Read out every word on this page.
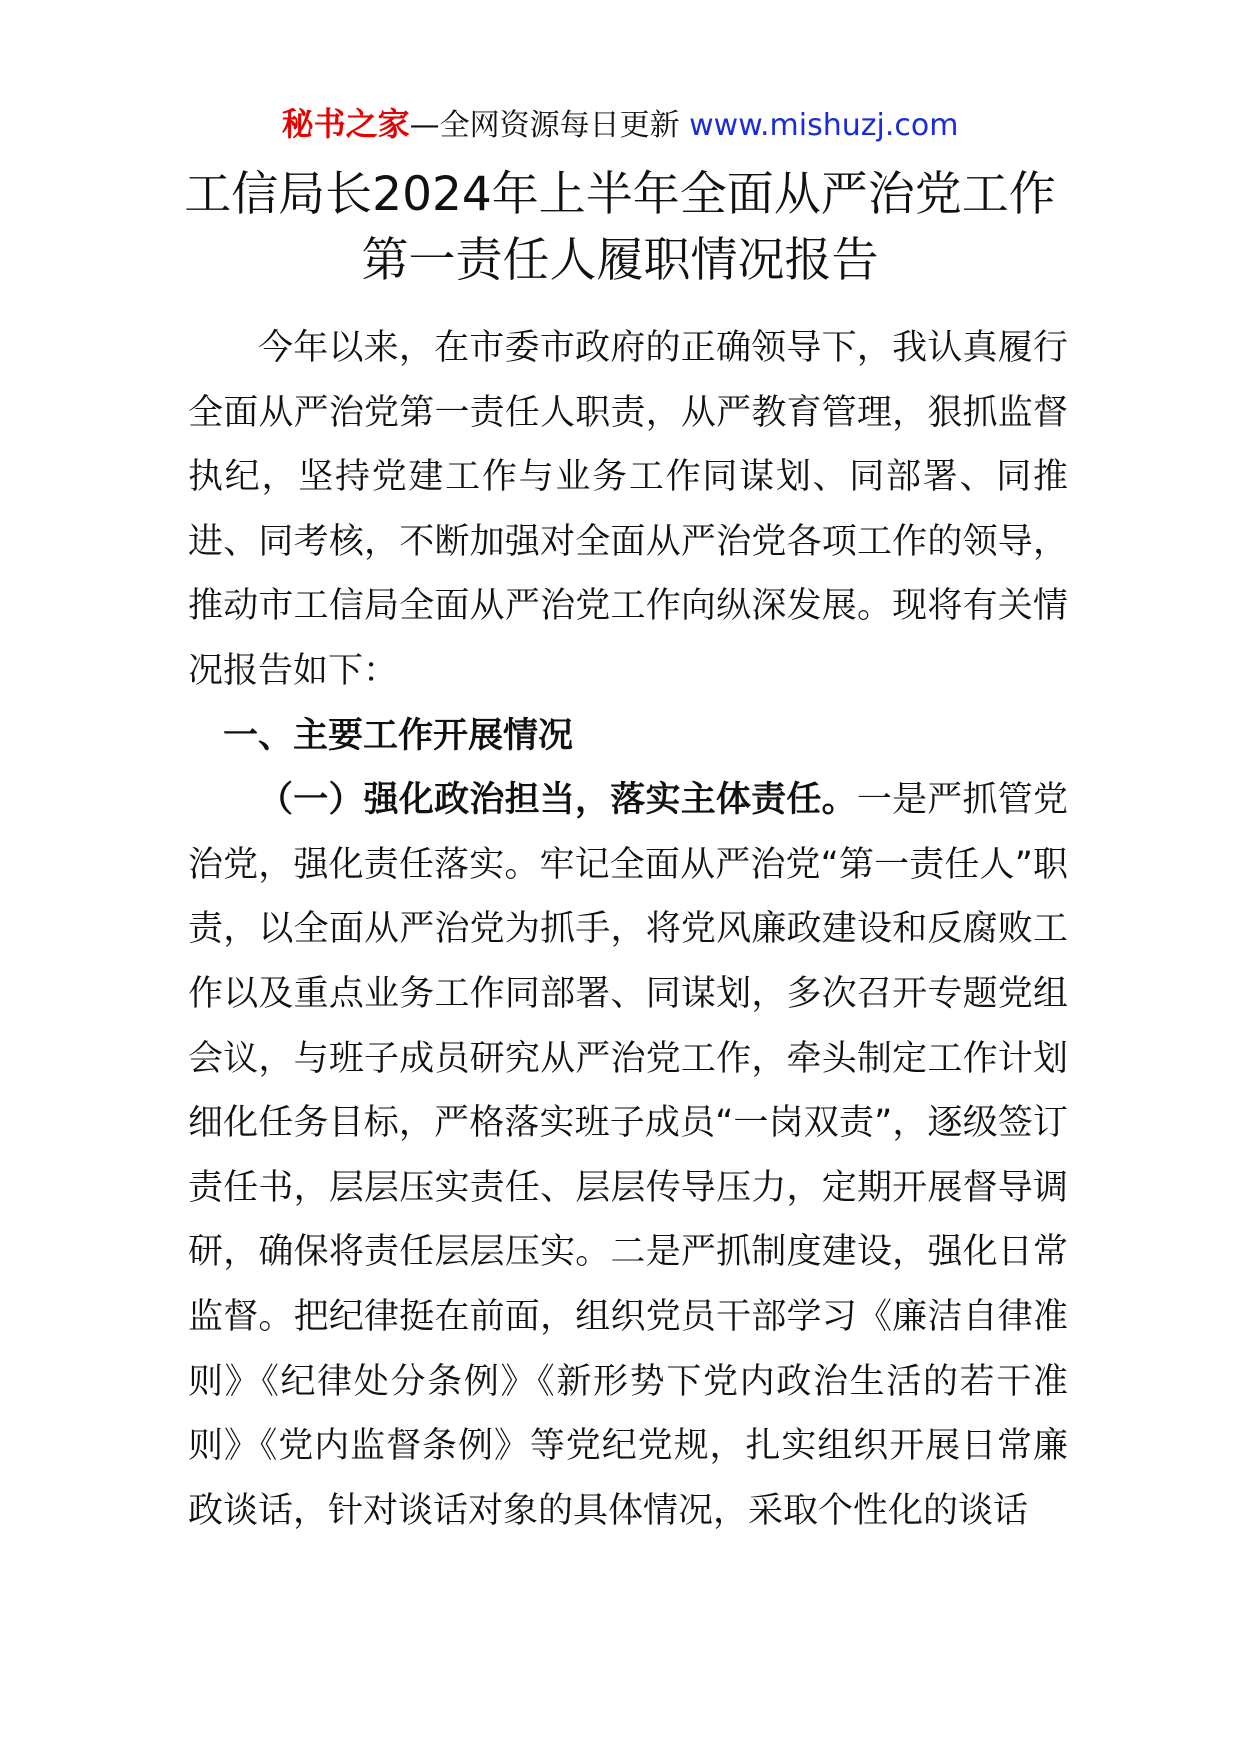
秘书之家—全网资源每日更新 www.mishuzj.com
工信局长2024年上半年全面从严治党工作
第一责任人履职情况报告

今年以来，在市委市政府的正确领导下，我认真履行全面从严治党第一责任人职责，从严教育管理，狠抓监督执纪，坚持党建工作与业务工作同谋划、同部署、同推进、同考核，不断加强对全面从严治党各项工作的领导，推动市工信局全面从严治党工作向纵深发展。现将有关情况报告如下：

一、主要工作开展情况

（一）强化政治担当，落实主体责任。一是严抓管党治党，强化责任落实。牢记全面从严治党“第一责任人”职责，以全面从严治党为抓手，将党风廉政建设和反腐败工作以及重点业务工作同部署、同谋划，多次召开专题党组会议，与班子成员研究从严治党工作，牵头制定工作计划细化任务目标，严格落实班子成员“一岗双责”，逐级签订责任书，层层压实责任、层层传导压力，定期开展督导调研，确保将责任层层压实。二是严抓制度建设，强化日常监督。把纪律挺在前面，组织党员干部学习《廉洁自律准则》《纪律处分条例》《新形势下党内政治生活的若干准则》《党内监督条例》等党纪党规，扎实组织开展日常廉政谈话，针对谈话对象的具体情况，采取个性化的谈话
